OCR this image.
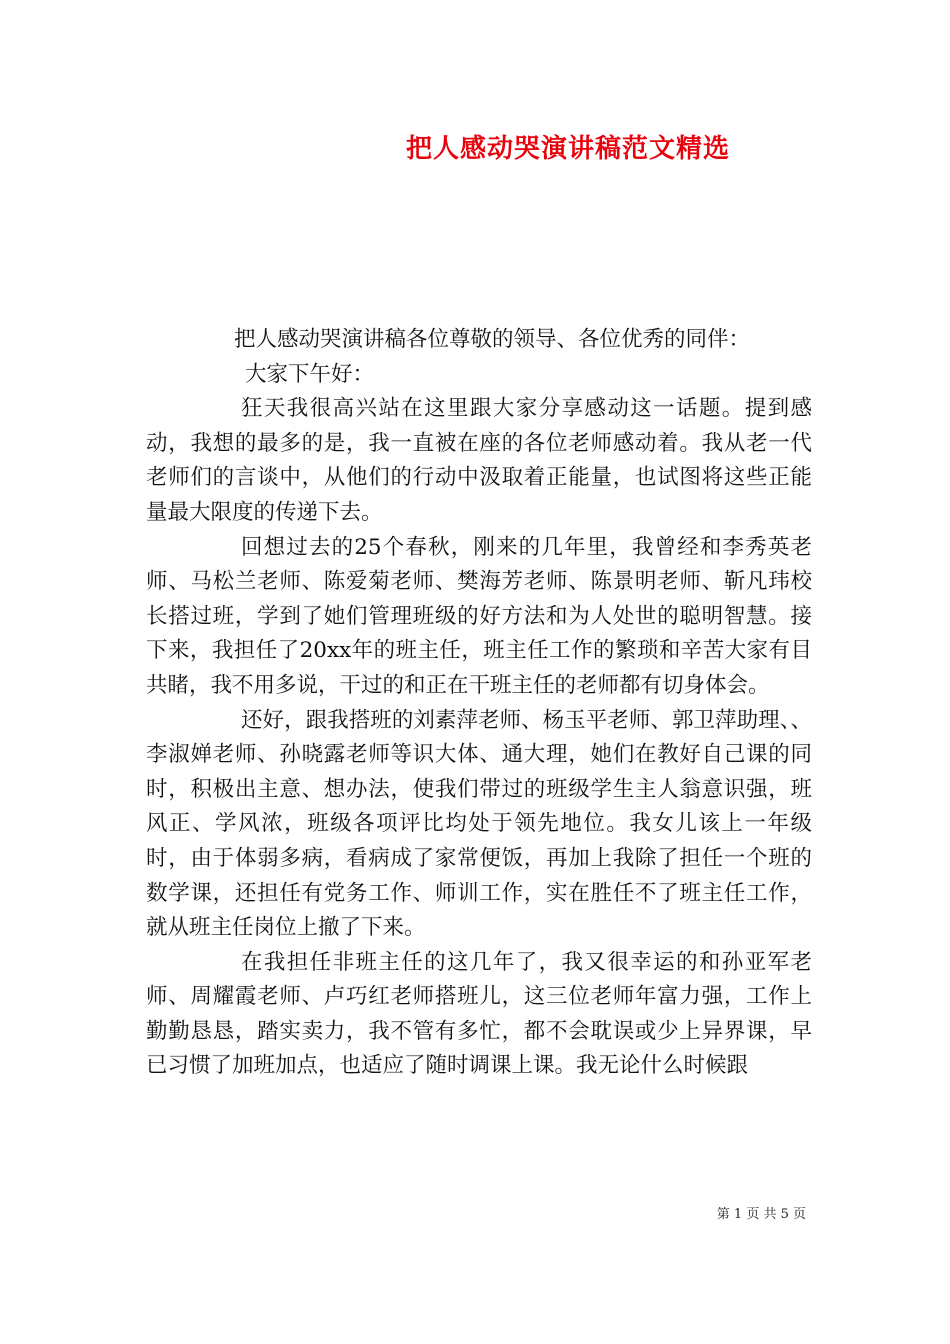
把人感动哭演讲稿范文精选

把人感动哭演讲稿各位尊敬的领导、各位优秀的同伴：

大家下午好：

狂天我很高兴站在这里跟大家分享感动这一话题。提到感动，我想的最多的是，我一直被在座的各位老师感动着。我从老一代老师们的言谈中，从他们的行动中汲取着正能量，也试图将这些正能量最大限度的传递下去。

回想过去的25个春秋，刚来的几年里，我曾经和李秀英老师、马松兰老师、陈爱菊老师、樊海芳老师、陈景明老师、靳凡玮校长搭过班，学到了她们管理班级的好方法和为人处世的聪明智慧。接下来，我担任了20xx年的班主任，班主任工作的繁琐和辛苦大家有目共睹，我不用多说，干过的和正在干班主任的老师都有切身体会。

还好，跟我搭班的刘素萍老师、杨玉平老师、郭卫萍助理、、李淑婵老师、孙晓露老师等识大体、通大理，她们在教好自己课的同时，积极出主意、想办法，使我们带过的班级学生主人翁意识强，班风正、学风浓，班级各项评比均处于领先地位。我女儿该上一年级时，由于体弱多病，看病成了家常便饭，再加上我除了担任一个班的数学课，还担任有党务工作、师训工作，实在胜任不了班主任工作，就从班主任岗位上撤了下来。

在我担任非班主任的这几年了，我又很幸运的和孙亚军老师、周耀霞老师、卢巧红老师搭班儿，这三位老师年富力强，工作上勤勤恳恳，踏实卖力，我不管有多忙，都不会耽误或少上异界课，早已习惯了加班加点，也适应了随时调课上课。我无论什么时候跟

第 1 页 共 5 页
